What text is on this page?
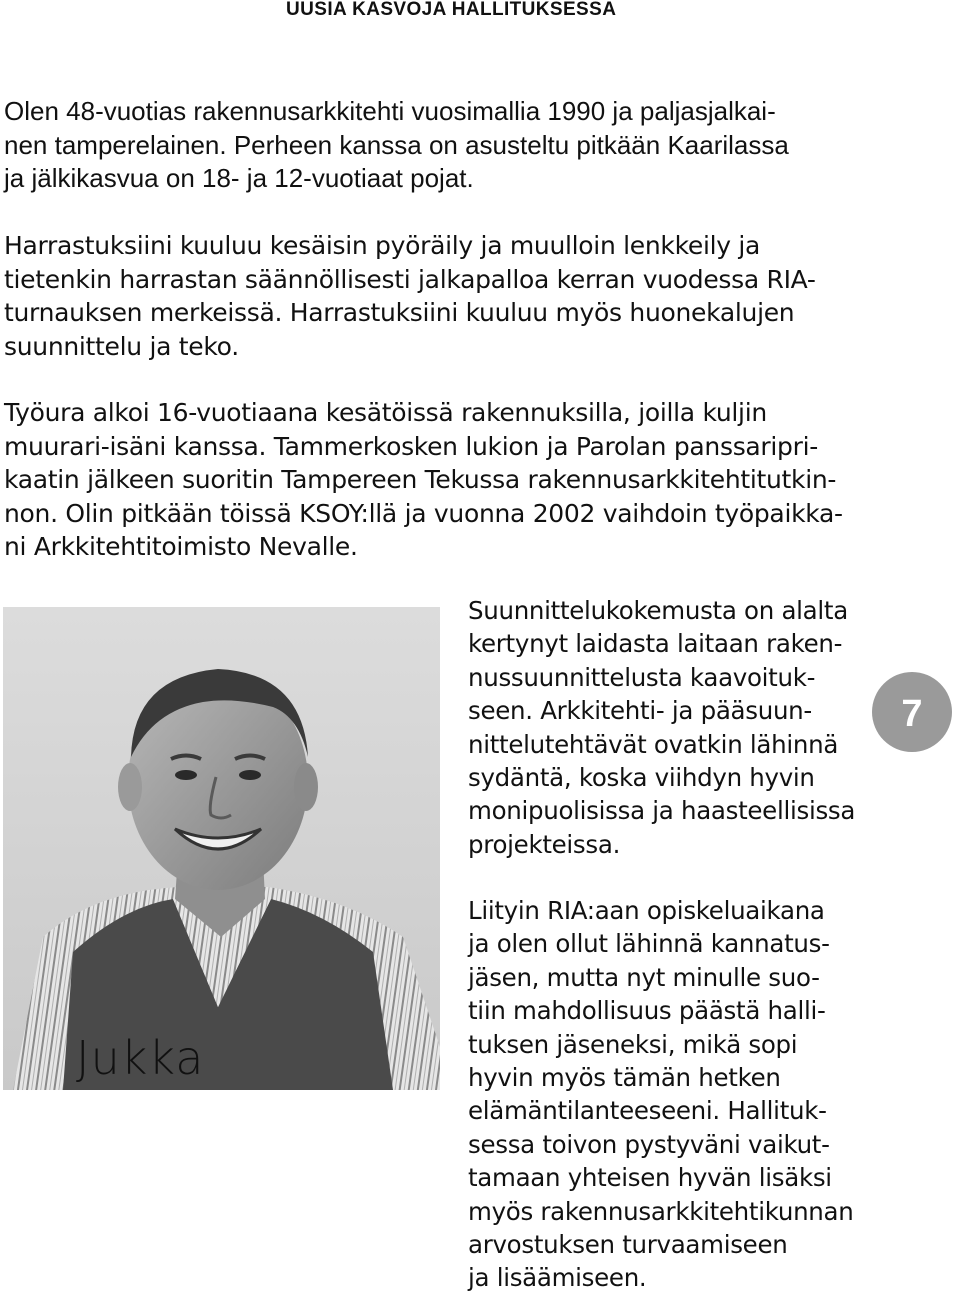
UUSIA KASVOJA HALLITUKSESSA
Olen 48-vuotias rakennusarkkitehti vuosimallia 1990 ja paljasjalkai-
nen tamperelainen. Perheen kanssa on asusteltu pitkään Kaarilassa
ja jälkikasvua on 18- ja 12-vuotiaat pojat.
Harrastuksiini kuuluu kesäisin pyöräily ja muulloin lenkkeily ja
tietenkin harrastan säännöllisesti jalkapalloa kerran vuodessa RIA-
turnauksen merkeissä. Harrastuksiini kuuluu myös huonekalujen
suunnittelu ja teko.
Työura alkoi 16-vuotiaana kesätöissä rakennuksilla, joilla kuljin
muurari-isäni kanssa. Tammerkosken lukion ja Parolan panssaripri-
kaatin jälkeen suoritin Tampereen Tekussa rakennusarkkitehtitutkin-
non. Olin pitkään töissä KSOY:llä ja vuonna 2002 vaihdoin työpaikka-
ni Arkkitehtitoimisto Nevalle.
Jukka
Suunnittelukokemusta on alalta
kertynyt laidasta laitaan raken-
nussuunnittelusta kaavoituk-
seen. Arkkitehti- ja pääsuun-
nittelutehtävät ovatkin lähinnä
sydäntä, koska viihdyn hyvin
monipuolisissa ja haasteellisissa
projekteissa.
Liityin RIA:aan opiskeluaikana
ja olen ollut lähinnä kannatus-
jäsen, mutta nyt minulle suo-
tiin mahdollisuus päästä halli-
tuksen jäseneksi, mikä sopi
hyvin myös tämän hetken
elämäntilanteeseeni. Hallituk-
sessa toivon pystyväni vaikut-
tamaan yhteisen hyvän lisäksi
myös rakennusarkkitehtikunnan
arvostuksen turvaamiseen
ja lisäämiseen.
7
